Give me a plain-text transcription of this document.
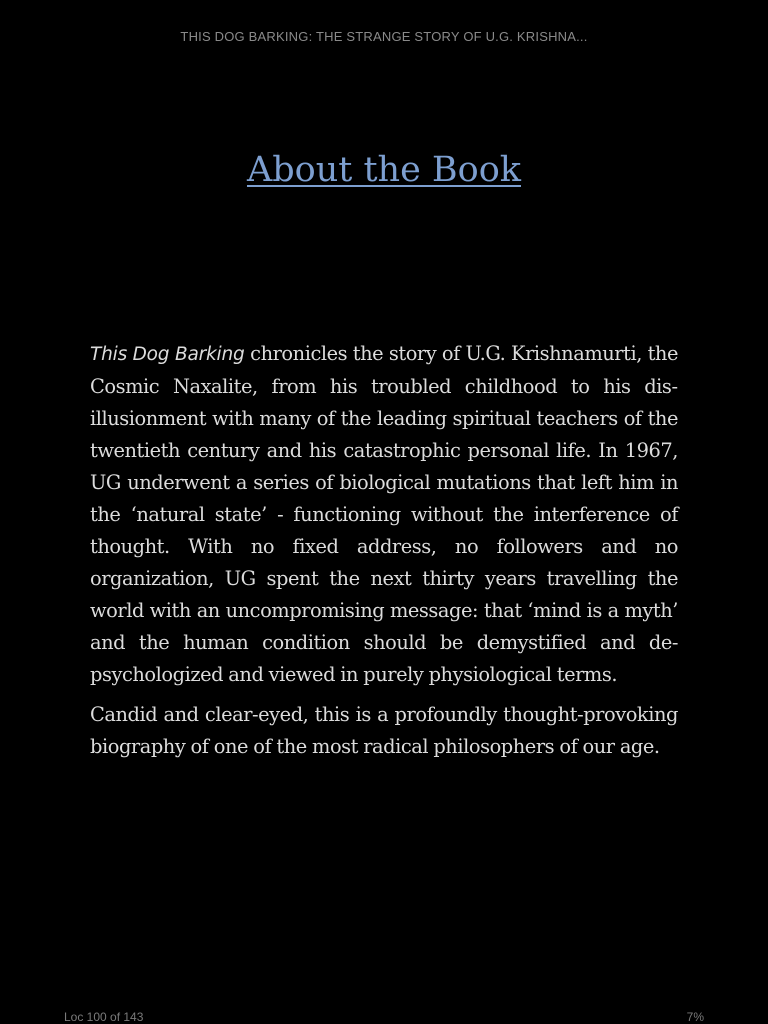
THIS DOG BARKING: THE STRANGE STORY OF U.G. KRISHNA...
About the Book

This Dog Barking chronicles the story of U.G. Krishnamurti, the Cosmic Naxalite, from his troubled childhood to his disillusionment with many of the leading spiritual teachers of the twentieth century and his catastrophic personal life. In 1967, UG underwent a series of biological mutations that left him in the ‘natural state’ - functioning without the interference of thought. With no fixed address, no followers and no organization, UG spent the next thirty years travelling the world with an uncompromising message: that ‘mind is a myth’ and the human condition should be demystified and de-psychologized and viewed in purely physiological terms.

Candid and clear-eyed, this is a profoundly thought-provoking biography of one of the most radical philosophers of our age.

Loc 100 of 143	7%
